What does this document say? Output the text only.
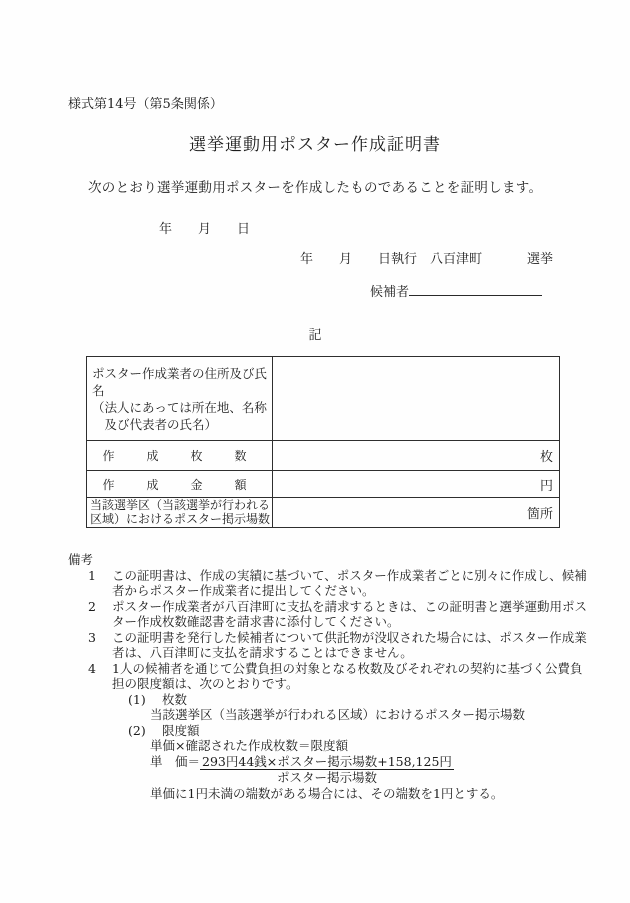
様式第14号（第5条関係）
選挙運動用ポスター作成証明書
次のとおり選挙運動用ポスターを作成したものであることを証明します。
年　　月　　日
年　　月　　日執行　八百津町	選挙
候補者
記
ポスター作成業者の住所及び氏名
（法人にあっては所在地、名称
　及び代表者の氏名）	

作　成　枚　数	枚
作　成　金　額	円

当該選挙区（当該選挙が行われる
区域）におけるポスター掲示場数	箇所
備考
1	この証明書は、作成の実績に基づいて、ポスター作成業者ごとに別々に作成し、候補者からポスター作成業者に提出してください。
2	ポスター作成業者が八百津町に支払を請求するときは、この証明書と選挙運動用ポスター作成枚数確認書を請求書に添付してください。
3	この証明書を発行した候補者について供託物が没収された場合には、ポスター作成業者は、八百津町に支払を請求することはできません。
4	1人の候補者を通じて公費負担の対象となる枚数及びそれぞれの契約に基づく公費負担の限度額は、次のとおりです。
(1)	枚数
当該選挙区（当該選挙が行われる区域）におけるポスター掲示場数
(2)	限度額
単価×確認された作成枚数＝限度額
単　価＝ $\frac{\text{293円44銭×ポスター掲示場数+158,125円}}{\text{ポスター掲示場数}}$
単価に1円未満の端数がある場合には、その端数を1円とする。
